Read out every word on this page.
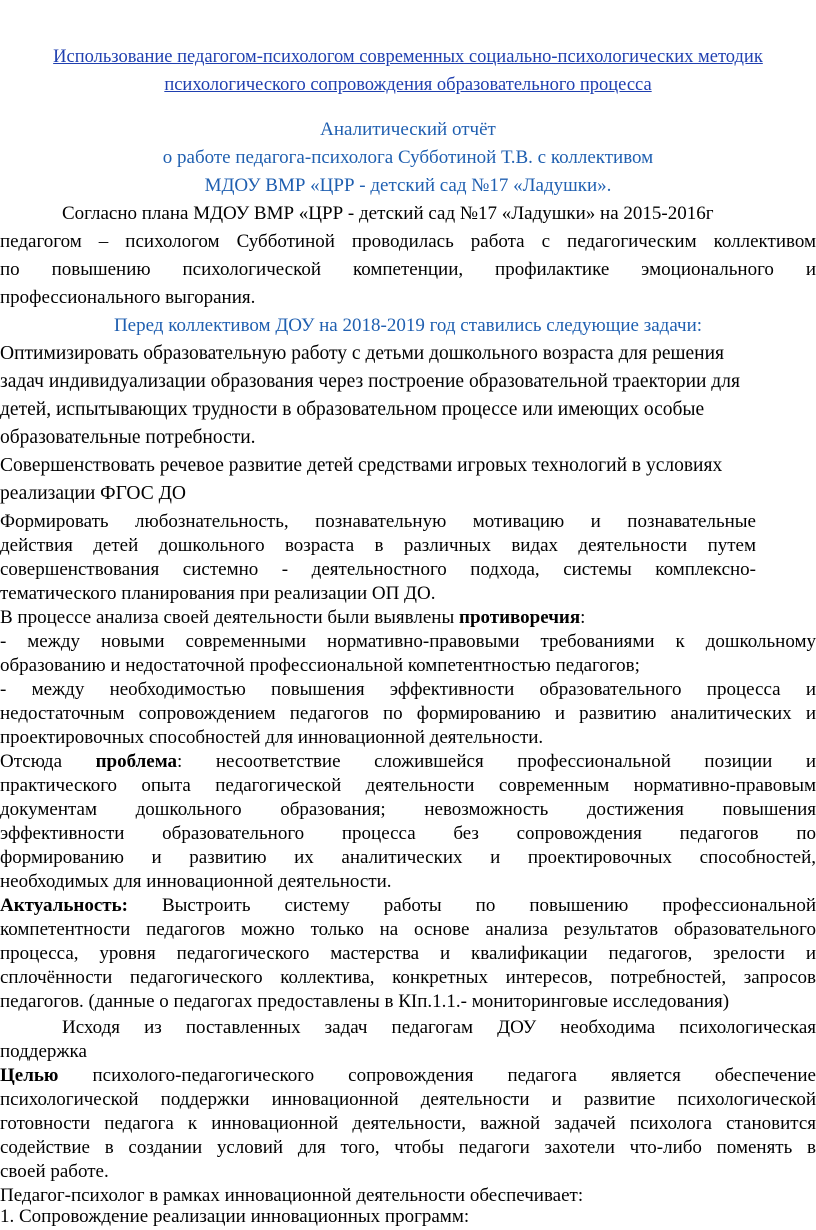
Использование педагогом-психологом современных социально-психологических методик
психологического сопровождения образовательного процесса
Аналитический отчёт
о работе педагога-психолога Субботиной Т.В. с коллективом
МДОУ ВМР «ЦРР - детский сад №17 «Ладушки».
Согласно плана МДОУ ВМР «ЦРР - детский сад №17 «Ладушки» на 2015-2016г
педагогом – психологом Субботиной проводилась работа с педагогическим коллективом
по повышению психологической компетенции, профилактике эмоционального и
профессионального выгорания.
Перед коллективом ДОУ на 2018-2019 год ставились следующие задачи:
Оптимизировать образовательную работу с детьми дошкольного возраста для решения
задач индивидуализации образования через построение образовательной траектории для
детей, испытывающих трудности в образовательном процессе или имеющих особые
образовательные потребности.
Совершенствовать речевое развитие детей средствами игровых технологий в условиях
реализации ФГОС ДО
Формировать любознательность, познавательную мотивацию и познавательные
действия детей дошкольного возраста в различных видах деятельности путем
совершенствования системно - деятельностного подхода, системы комплексно-
тематического планирования при реализации ОП ДО.
В процессе анализа своей деятельности были выявлены противоречия:
- между новыми современными нормативно-правовыми требованиями к дошкольному
образованию и недостаточной профессиональной компетентностью педагогов;
- между необходимостью повышения эффективности образовательного процесса и
недостаточным сопровождением педагогов по формированию и развитию аналитических и
проектировочных способностей для инновационной деятельности.
Отсюда проблема: несоответствие сложившейся профессиональной позиции и
практического опыта педагогической деятельности современным нормативно-правовым
документам дошкольного образования; невозможность достижения повышения
эффективности образовательного процесса без сопровождения педагогов по
формированию и развитию их аналитических и проектировочных способностей,
необходимых для инновационной деятельности.
Актуальность: Выстроить систему работы по повышению профессиональной
компетентности педагогов можно только на основе анализа результатов образовательного
процесса, уровня педагогического мастерства и квалификации педагогов, зрелости и
сплочённости педагогического коллектива, конкретных интересов, потребностей, запросов
педагогов. (данные о педагогах предоставлены в КІп.1.1.- мониторинговые исследования)
Исходя из поставленных задач педагогам ДОУ необходима психологическая
поддержка
Целью психолого-педагогического сопровождения педагога является обеспечение
психологической поддержки инновационной деятельности и развитие психологической
готовности педагога к инновационной деятельности, важной задачей психолога становится
содействие в создании условий для того, чтобы педагоги захотели что-либо поменять в
своей работе.
Педагог-психолог в рамках инновационной деятельности обеспечивает:
1. Сопровождение реализации инновационных программ:
